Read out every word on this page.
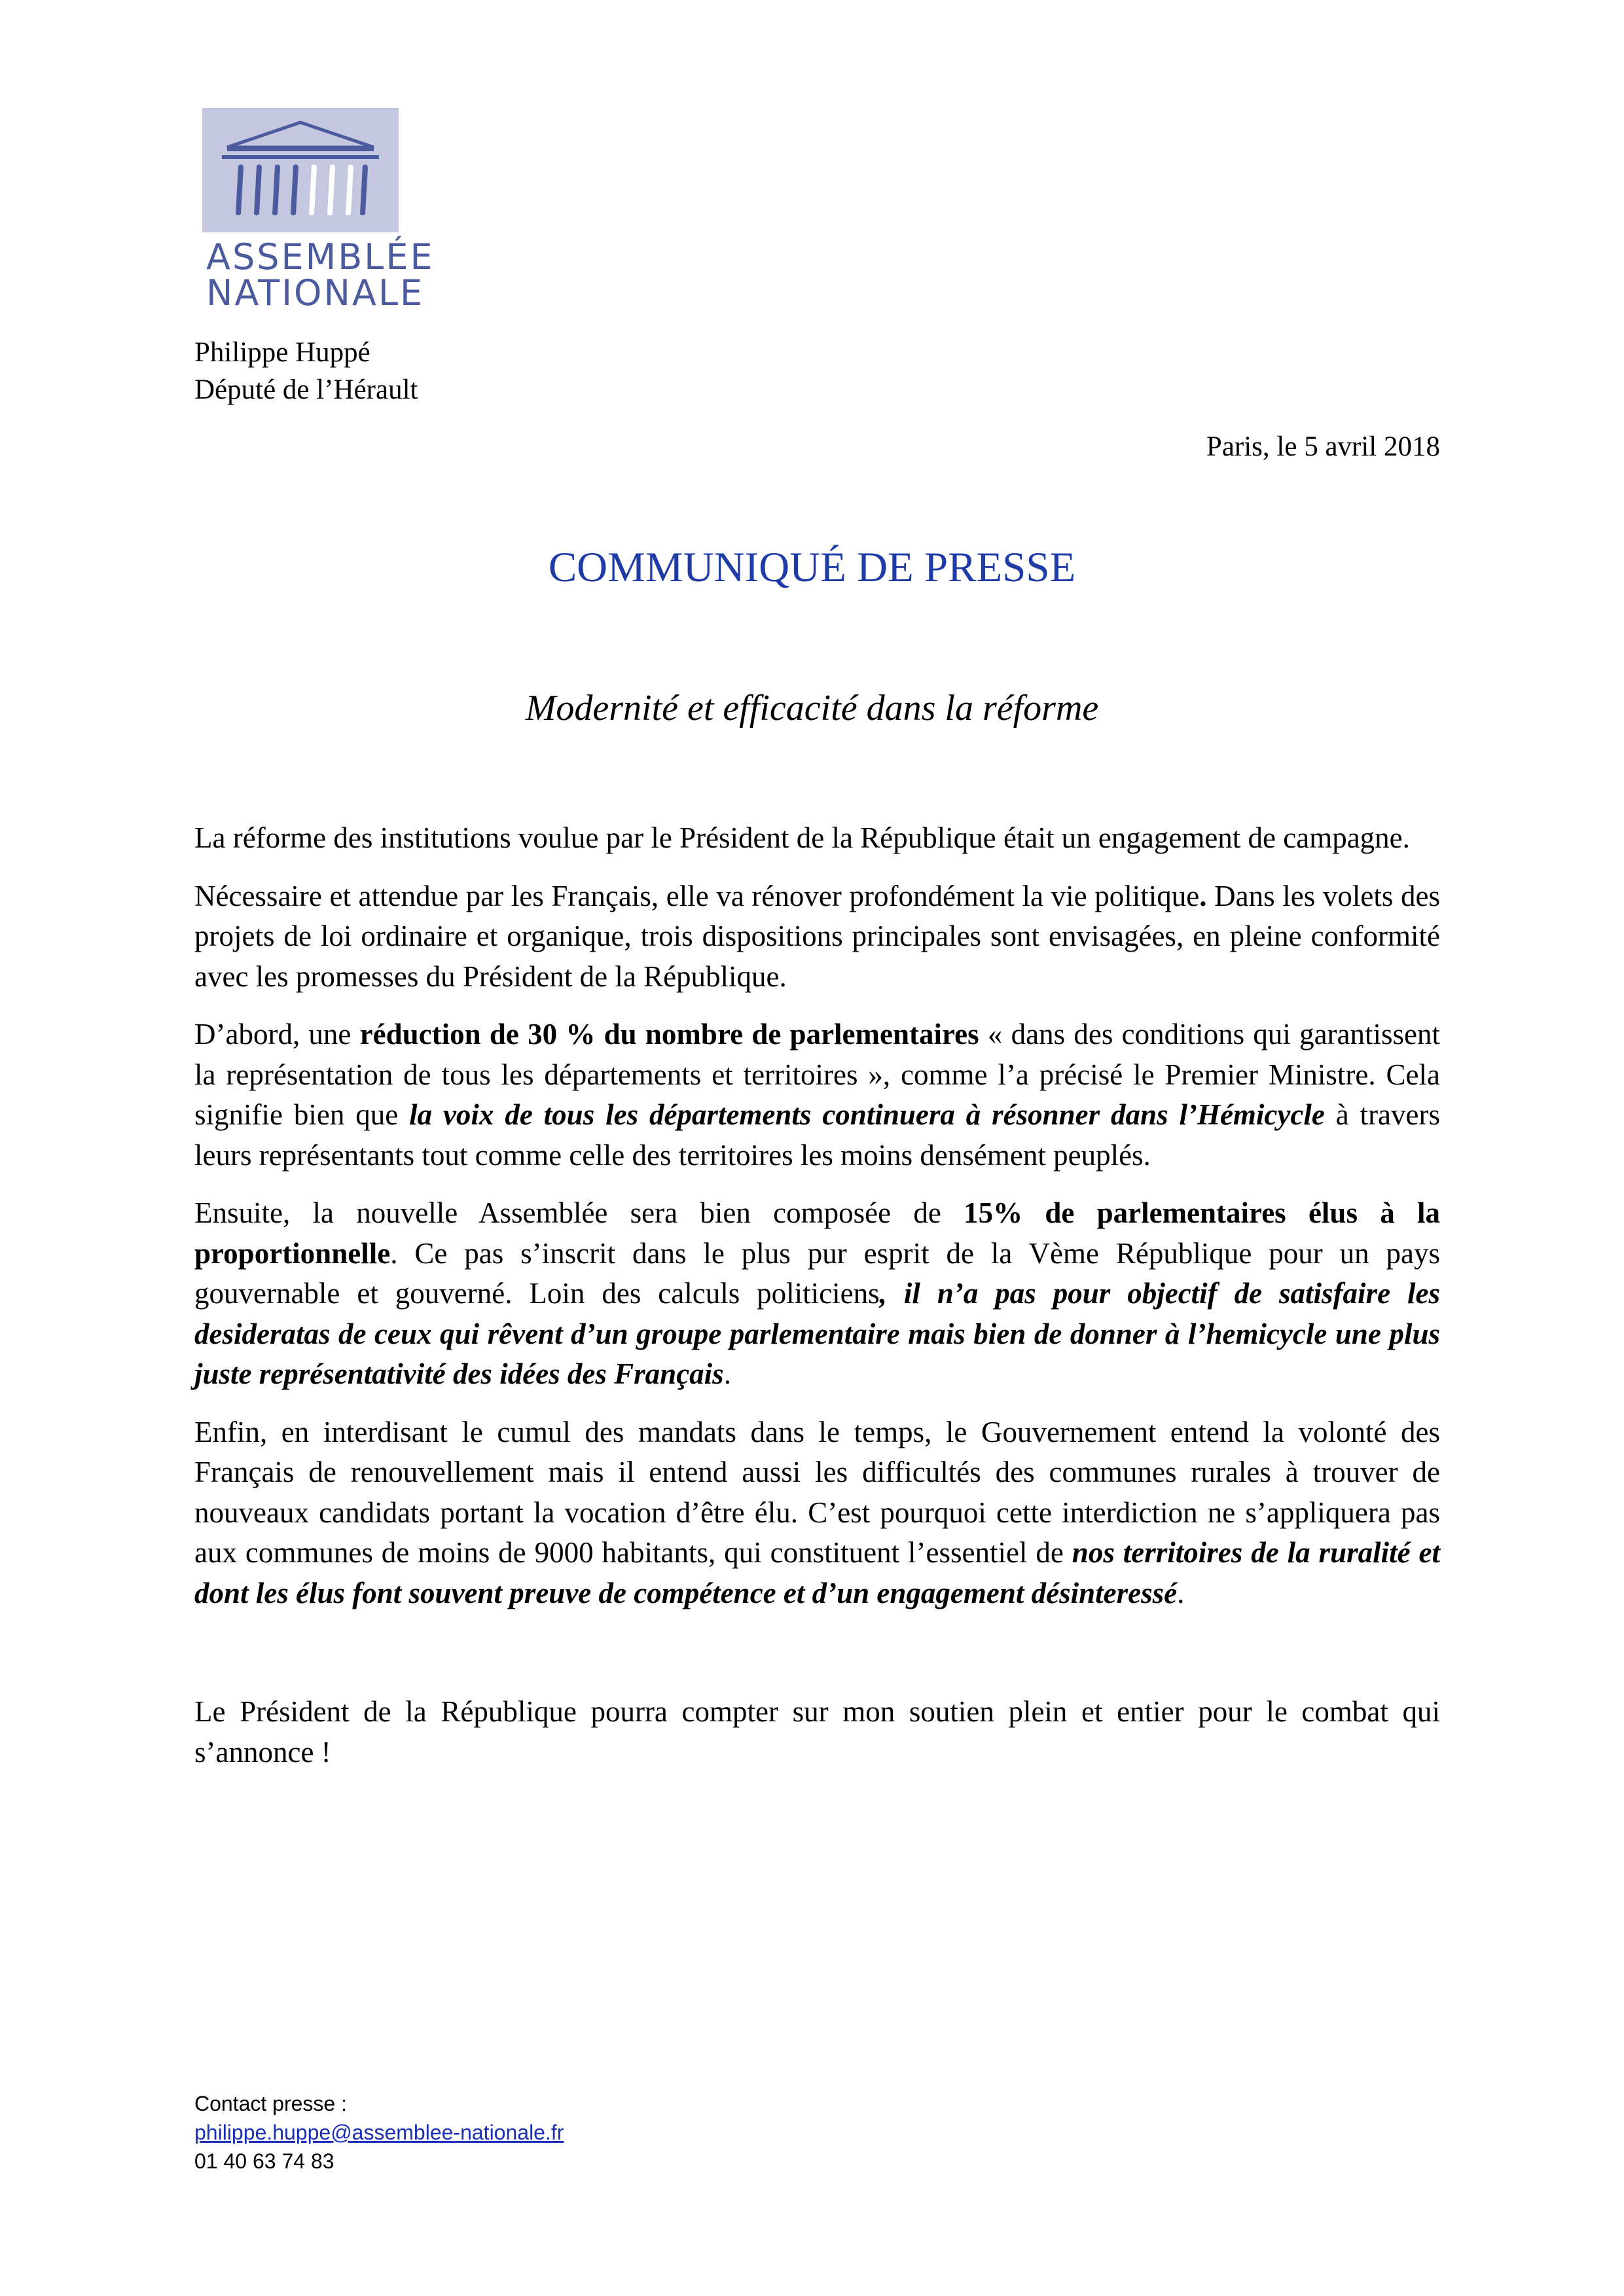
ASSEMBLÉE
NATIONALE
Philippe Huppé
Député de l’Hérault
Paris, le 5 avril 2018
COMMUNIQUÉ DE PRESSE
Modernité et efficacité dans la réforme

La réforme des institutions voulue par le Président de la République était un engagement de campagne.

Nécessaire et attendue par les Français, elle va rénover profondément la vie politique. Dans les volets des projets de loi ordinaire et organique, trois dispositions principales sont envisagées, en pleine conformité avec les promesses du Président de la République.

D’abord, une réduction de 30 % du nombre de parlementaires « dans des conditions qui garantissent la représentation de tous les départements et territoires », comme l’a précisé le Premier Ministre. Cela signifie bien que la voix de tous les départements continuera à résonner dans l’Hémicycle à travers leurs représentants tout comme celle des territoires les moins densément peuplés.

Ensuite, la nouvelle Assemblée sera bien composée de 15% de parlementaires élus à la proportionnelle. Ce pas s’inscrit dans le plus pur esprit de la Vème République pour un pays gouvernable et gouverné. Loin des calculs politiciens, il n’a pas pour objectif de satisfaire les desideratas de ceux qui rêvent d’un groupe parlementaire mais bien de donner à l’hemicycle une plus juste représentativité des idées des Français.

Enfin, en interdisant le cumul des mandats dans le temps, le Gouvernement entend la volonté des Français de renouvellement mais il entend aussi les difficultés des communes rurales à trouver de nouveaux candidats portant la vocation d’être élu. C’est pourquoi cette interdiction ne s’appliquera pas aux communes de moins de 9000 habitants, qui constituent l’essentiel de nos territoires de la ruralité et dont les élus font souvent preuve de compétence et d’un engagement désinteressé.

Le Président de la République pourra compter sur mon soutien plein et entier pour le combat qui s’annonce !

Contact presse :
philippe.huppe@assemblee-nationale.fr
01 40 63 74 83
